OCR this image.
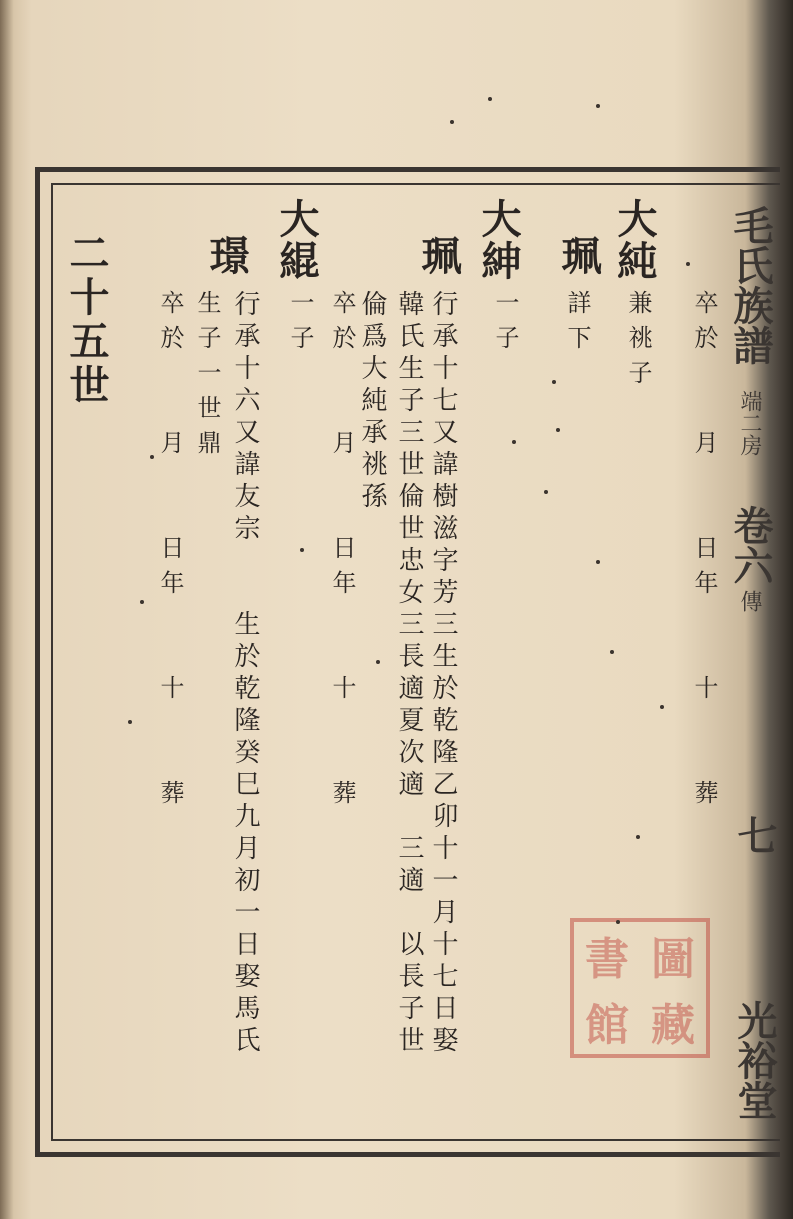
毛氏族譜
端二房
卷六
傳
七
光裕堂
卒於　　月　　日年　　十　　葬
大純
兼祧子
珮
詳下
大紳
一子
珮
行承十七又諱樹滋字芳三生於乾隆乙卯十一月十七日娶
韓氏生子三世倫世忠女三長適夏次適　三適　以長子世
倫爲大純承祧孫
卒於　　月　　日年　　十　　葬
大緄
一子
璟
行承十六又諱友宗　　生於乾隆癸巳九月初一日娶馬氏
生子一世鼎
卒於　　月　　日年　　十　　葬
二十五世
書 圖
館 藏
